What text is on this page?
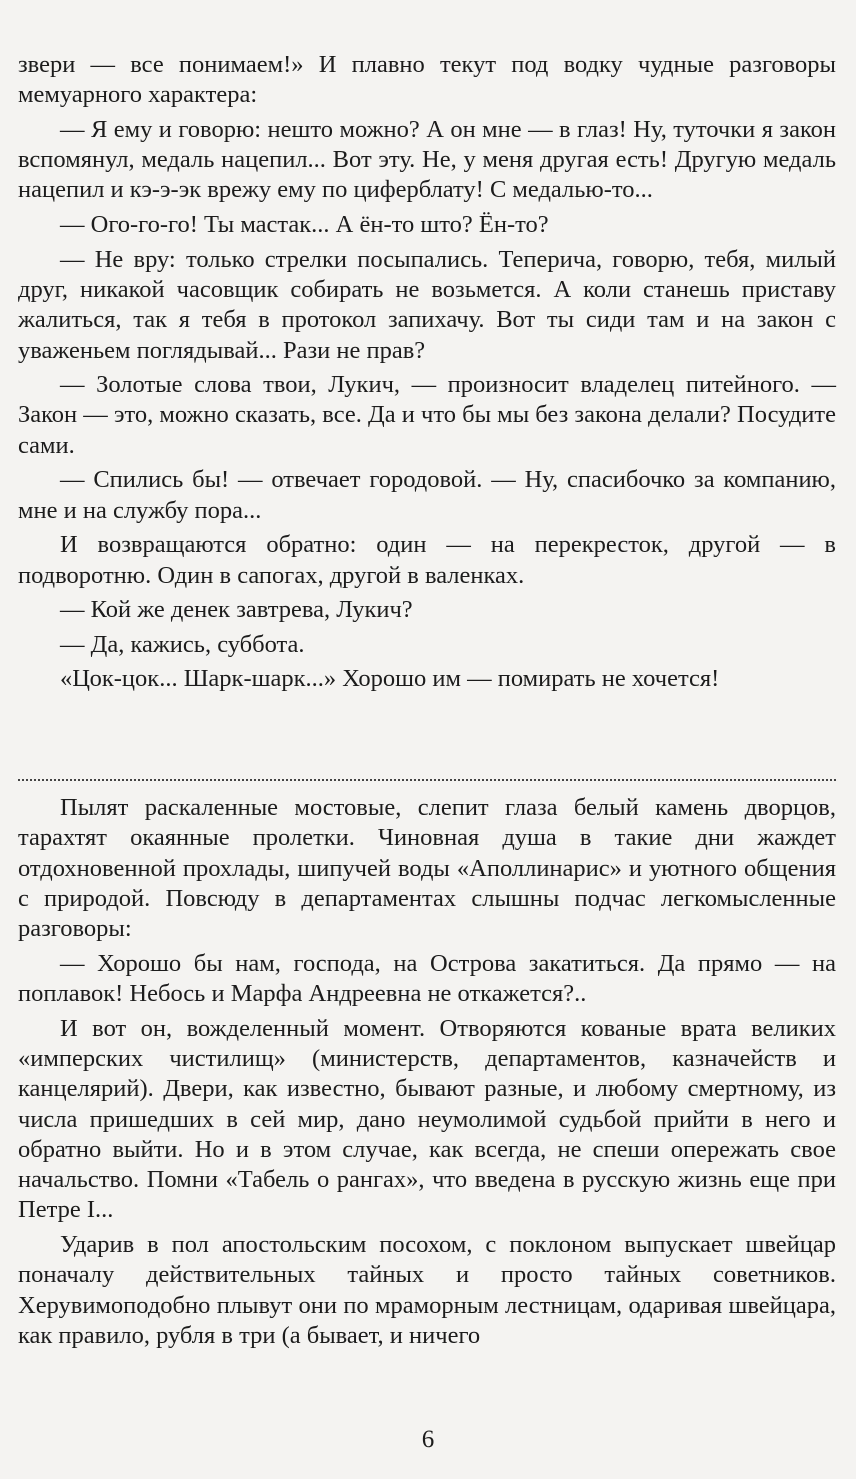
звери — все понимаем!» И плавно текут под водку чудные разговоры мемуарного характера:

— Я ему и говорю: нешто можно? А он мне — в глаз! Ну, туточки я закон вспомянул, медаль нацепил... Вот эту. Не, у меня другая есть! Другую медаль нацепил и кэ-э-эк врежу ему по циферблату! С медалью-то...

— Ого-го-го! Ты мастак... А ён-то што? Ён-то?

— Не вру: только стрелки посыпались. Теперича, говорю, тебя, милый друг, никакой часовщик собирать не возьмется. А коли станешь приставу жалиться, так я тебя в протокол запихачу. Вот ты сиди там и на закон с уваженьем поглядывай... Рази не прав?

— Золотые слова твои, Лукич, — произносит владелец питейного. — Закон — это, можно сказать, все. Да и что бы мы без закона делали? Посудите сами.

— Спились бы! — отвечает городовой. — Ну, спасибочко за компанию, мне и на службу пора...

И возвращаются обратно: один — на перекресток, другой — в подворотню. Один в сапогах, другой в валенках.

— Кой же денек завтрева, Лукич?

— Да, кажись, суббота.

«Цок-цок... Шарк-шарк...» Хорошо им — помирать не хочется!

Пылят раскаленные мостовые, слепит глаза белый камень дворцов, тарахтят окаянные пролетки. Чиновная душа в такие дни жаждет отдохновенной прохлады, шипучей воды «Аполлинарис» и уютного общения с природой. Повсюду в департаментах слышны подчас легкомысленные разговоры:

— Хорошо бы нам, господа, на Острова закатиться. Да прямо — на поплавок! Небось и Марфа Андреевна не откажется?..

И вот он, вожделенный момент. Отворяются кованые врата великих «имперских чистилищ» (министерств, департаментов, казначейств и канцелярий). Двери, как известно, бывают разные, и любому смертному, из числа пришедших в сей мир, дано неумолимой судьбой прийти в него и обратно выйти. Но и в этом случае, как всегда, не спеши опережать свое начальство. Помни «Табель о рангах», что введена в русскую жизнь еще при Петре I...

Ударив в пол апостольским посохом, с поклоном выпускает швейцар поначалу действительных тайных и просто тайных советников. Херувимоподобно плывут они по мраморным лестницам, одаривая швейцара, как правило, рубля в три (а бывает, и ничего

6
